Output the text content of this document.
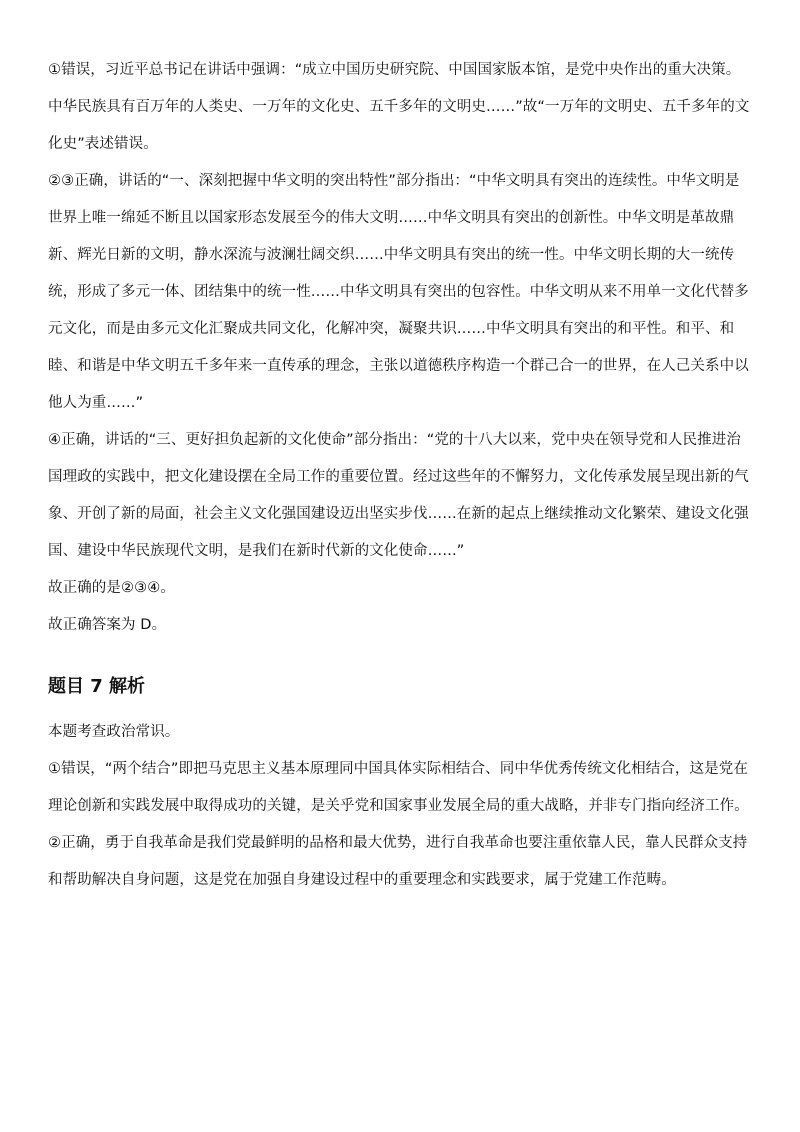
①错误，习近平总书记在讲话中强调：“成立中国历史研究院、中国国家版本馆，是党中央作出的重大决策。中华民族具有百万年的人类史、一万年的文化史、五千多年的文明史……”故“一万年的文明史、五千多年的文化史”表述错误。

②③正确，讲话的“一、深刻把握中华文明的突出特性”部分指出：“中华文明具有突出的连续性。中华文明是世界上唯一绵延不断且以国家形态发展至今的伟大文明……中华文明具有突出的创新性。中华文明是革故鼎新、辉光日新的文明，静水深流与波澜壮阔交织……中华文明具有突出的统一性。中华文明长期的大一统传统，形成了多元一体、团结集中的统一性……中华文明具有突出的包容性。中华文明从来不用单一文化代替多元文化，而是由多元文化汇聚成共同文化，化解冲突，凝聚共识……中华文明具有突出的和平性。和平、和睦、和谐是中华文明五千多年来一直传承的理念，主张以道德秩序构造一个群己合一的世界，在人己关系中以他人为重……”

④正确，讲话的“三、更好担负起新的文化使命”部分指出：“党的十八大以来，党中央在领导党和人民推进治国理政的实践中，把文化建设摆在全局工作的重要位置。经过这些年的不懈努力，文化传承发展呈现出新的气象、开创了新的局面，社会主义文化强国建设迈出坚实步伐……在新的起点上继续推动文化繁荣、建设文化强国、建设中华民族现代文明，是我们在新时代新的文化使命……”

故正确的是②③④。

故正确答案为 D。

题目 7 解析

本题考查政治常识。

①错误，“两个结合”即把马克思主义基本原理同中国具体实际相结合、同中华优秀传统文化相结合，这是党在理论创新和实践发展中取得成功的关键，是关乎党和国家事业发展全局的重大战略，并非专门指向经济工作。

②正确，勇于自我革命是我们党最鲜明的品格和最大优势，进行自我革命也要注重依靠人民，靠人民群众支持和帮助解决自身问题，这是党在加强自身建设过程中的重要理念和实践要求，属于党建工作范畴。
